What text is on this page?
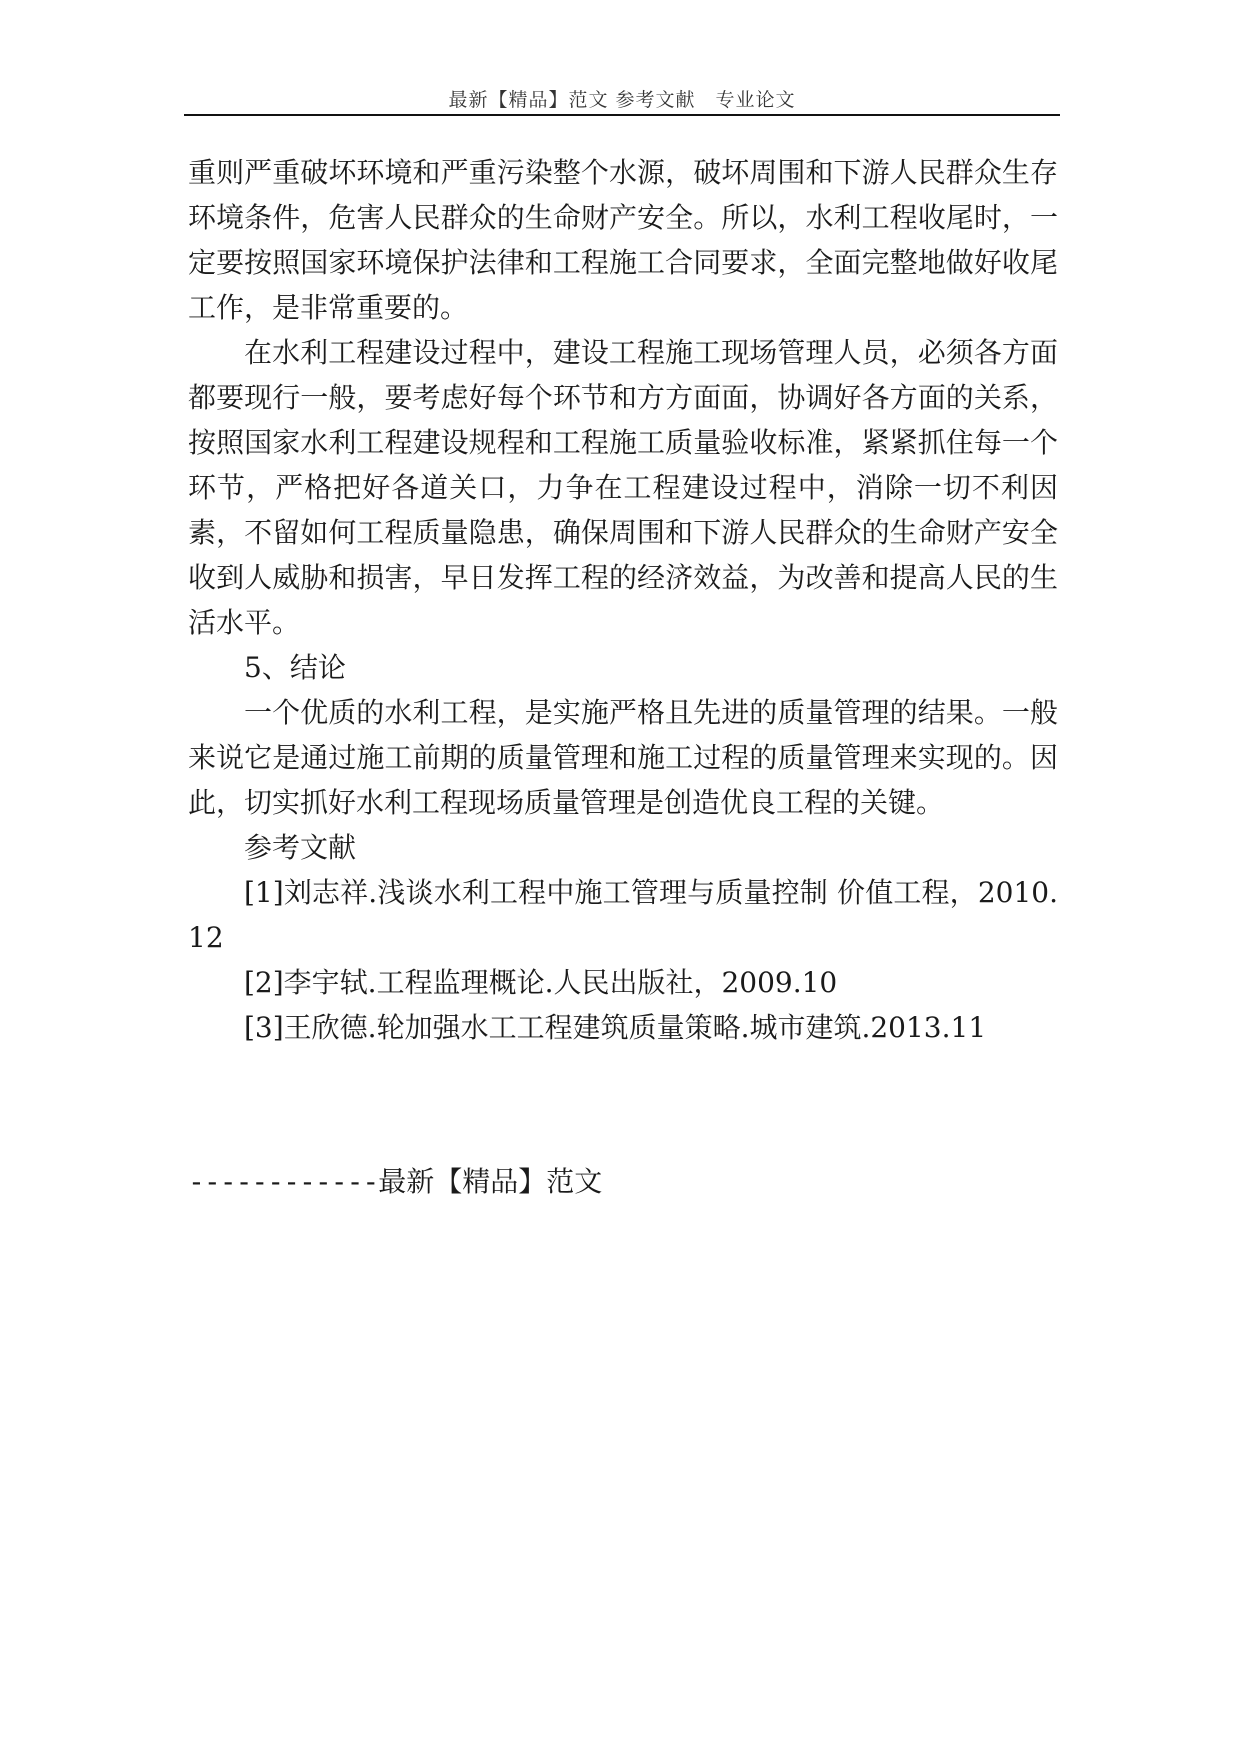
最新【精品】范文 参考文献　专业论文

重则严重破坏环境和严重污染整个水源，破坏周围和下游人民群众生存环境条件，危害人民群众的生命财产安全。所以，水利工程收尾时，一定要按照国家环境保护法律和工程施工合同要求，全面完整地做好收尾工作，是非常重要的。

在水利工程建设过程中，建设工程施工现场管理人员，必须各方面都要现行一般，要考虑好每个环节和方方面面，协调好各方面的关系，按照国家水利工程建设规程和工程施工质量验收标准，紧紧抓住每一个环节，严格把好各道关口，力争在工程建设过程中，消除一切不利因素，不留如何工程质量隐患，确保周围和下游人民群众的生命财产安全收到人威胁和损害，早日发挥工程的经济效益，为改善和提高人民的生活水平。

5、结论

一个优质的水利工程，是实施严格且先进的质量管理的结果。一般来说它是通过施工前期的质量管理和施工过程的质量管理来实现的。因此，切实抓好水利工程现场质量管理是创造优良工程的关键。

参考文献

[1]刘志祥.浅谈水利工程中施工管理与质量控制 价值工程，2010.12

[2]李宇轼.工程监理概论.人民出版社，2009.10

[3]王欣德.轮加强水工工程建筑质量策略.城市建筑.2013.11

------------最新【精品】范文
